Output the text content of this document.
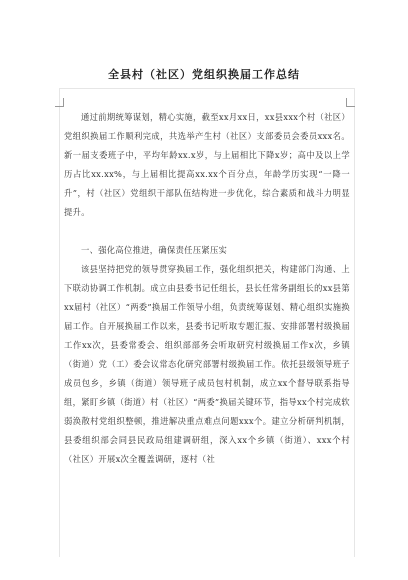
全县村（社区）党组织换届工作总结
通过前期统筹谋划，精心实施，截至xx月xx日，xx县xxx个村（社区）党组织换届工作顺利完成，共选举产生村（社区）支部委员会委员xxx名。新一届支委班子中，平均年龄xx.x岁，与上届相比下降x岁；高中及以上学历占比xx.xx%，与上届相比提高xx.xx个百分点，年龄学历实现“一降一升”，村（社区）党组织干部队伍结构进一步优化，综合素质和战斗力明显提升。
一、强化高位推进，确保责任压紧压实
该县坚持把党的领导贯穿换届工作，强化组织把关，构建部门沟通、上下联动协调工作机制。成立由县委书记任组长，县长任常务副组长的xx县第xx届村（社区）“两委”换届工作领导小组，负责统筹谋划、精心组织实施换届工作。自开展换届工作以来，县委书记听取专题汇报、安排部署村级换届工作xx次，县委常委会、组织部部务会听取研究村级换届工作x次，乡镇（街道）党（工）委会议常态化研究部署村级换届工作。依托县级领导班子成员包乡，乡镇（街道）领导班子成员包村机制，成立xx个督导联系指导组，紧盯乡镇（街道）村（社区）“两委”换届关键环节，指导xx个村完成软弱涣散村党组织整顿，推进解决重点难点问题xxx个。建立分析研判机制，县委组织部会同县民政局组建调研组，深入xx个乡镇（街道）、xxx个村（社区）开展x次全覆盖调研，逐村（社
